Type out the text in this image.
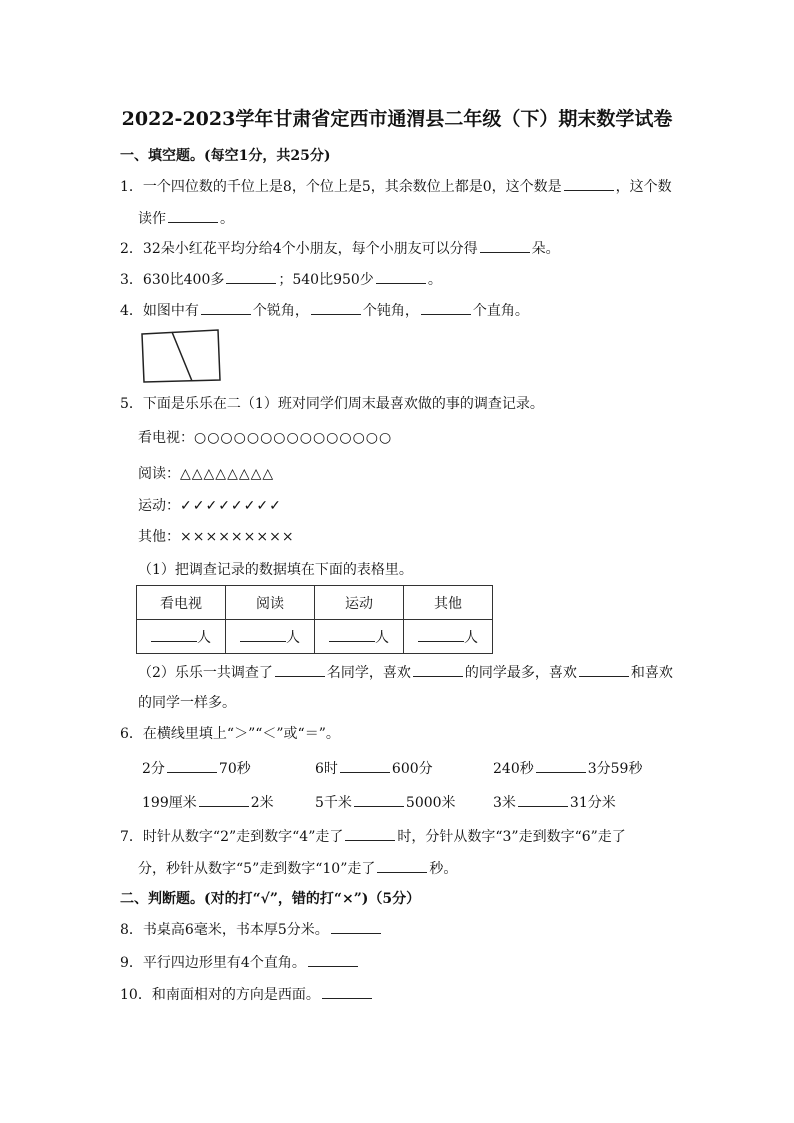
2022-2023学年甘肃省定西市通渭县二年级（下）期末数学试卷
一、填空题。(每空1分，共25分)
1．一个四位数的千位上是8，个位上是5，其余数位上都是0，这个数是	，这个数
读作	。
2．32朵小红花平均分给4个小朋友，每个小朋友可以分得	朵。
3．630比400多	；540比950少	。
4．如图中有	个锐角，	个钝角，	个直角。
5．下面是乐乐在二（1）班对同学们周末最喜欢做的事的调查记录。
看电视：○○○○○○○○○○○○○○○
阅读：△△△△△△△△
运动：✓✓✓✓✓✓✓✓
其他：×××××××××
（1）把调查记录的数据填在下面的表格里。
看电视	阅读	运动	其他
人	人	人	人
（2）乐乐一共调查了	名同学，喜欢	的同学最多，喜欢	和喜欢
的同学一样多。
6．在横线里填上“＞”“＜”或“＝”。
2分	70秒	6时	600分	240秒	3分59秒
199厘米	2米	5千米	5000米	3米	31分米
7．时针从数字“2”走到数字“4”走了	时，分针从数字“3”走到数字“6”走了
分，秒针从数字“5”走到数字“10”走了	秒。
二、判断题。(对的打“√”，错的打“×”)（5分）
8．书桌高6毫米，书本厚5分米。
9．平行四边形里有4个直角。
10．和南面相对的方向是西面。
